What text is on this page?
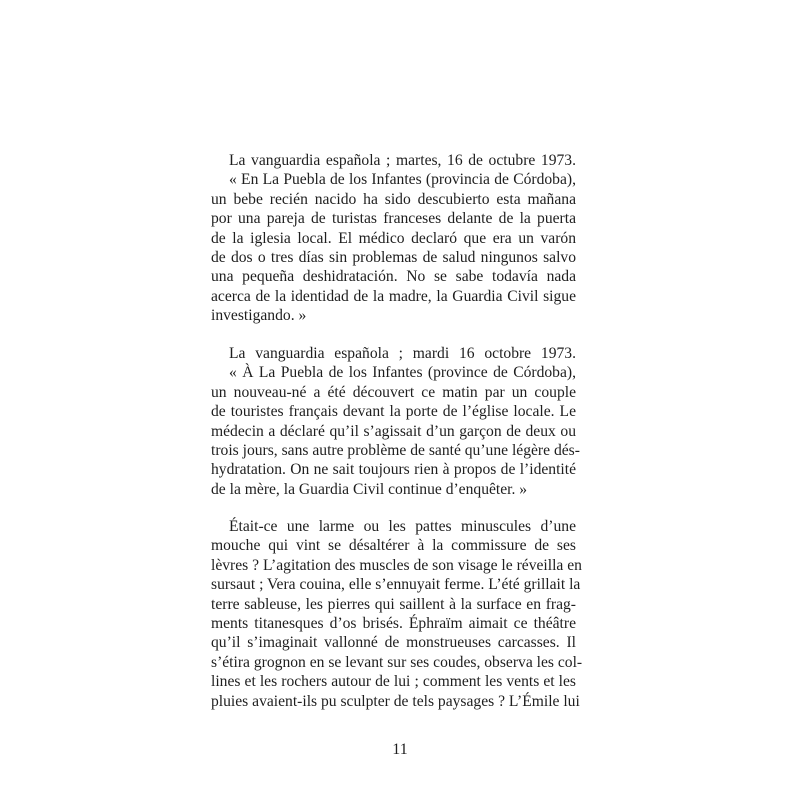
La vanguardia española ; martes, 16 de octubre 1973.
« En La Puebla de los Infantes (provincia de Córdoba),
un bebe recién nacido ha sido descubierto esta mañana
por una pareja de turistas franceses delante de la puerta
de la iglesia local. El médico declaró que era un varón
de dos o tres días sin problemas de salud ningunos salvo
una pequeña deshidratación. No se sabe todavía nada
acerca de la identidad de la madre, la Guardia Civil sigue
investigando. »
La vanguardia española ; mardi 16 octobre 1973.
« À La Puebla de los Infantes (province de Córdoba),
un nouveau-né a été découvert ce matin par un couple
de touristes français devant la porte de l’église locale. Le
médecin a déclaré qu’il s’agissait d’un garçon de deux ou
trois jours, sans autre problème de santé qu’une légère dés-
hydratation. On ne sait toujours rien à propos de l’identité
de la mère, la Guardia Civil continue d’enquêter. »
Était-ce une larme ou les pattes minuscules d’une
mouche qui vint se désaltérer à la commissure de ses
lèvres ? L’agitation des muscles de son visage le réveilla en
sursaut ; Vera couina, elle s’ennuyait ferme. L’été grillait la
terre sableuse, les pierres qui saillent à la surface en frag-
ments titanesques d’os brisés. Éphraïm aimait ce théâtre
qu’il s’imaginait vallonné de monstrueuses carcasses. Il
s’étira grognon en se levant sur ses coudes, observa les col-
lines et les rochers autour de lui ; comment les vents et les
pluies avaient-ils pu sculpter de tels paysages ? L’Émile lui
11
